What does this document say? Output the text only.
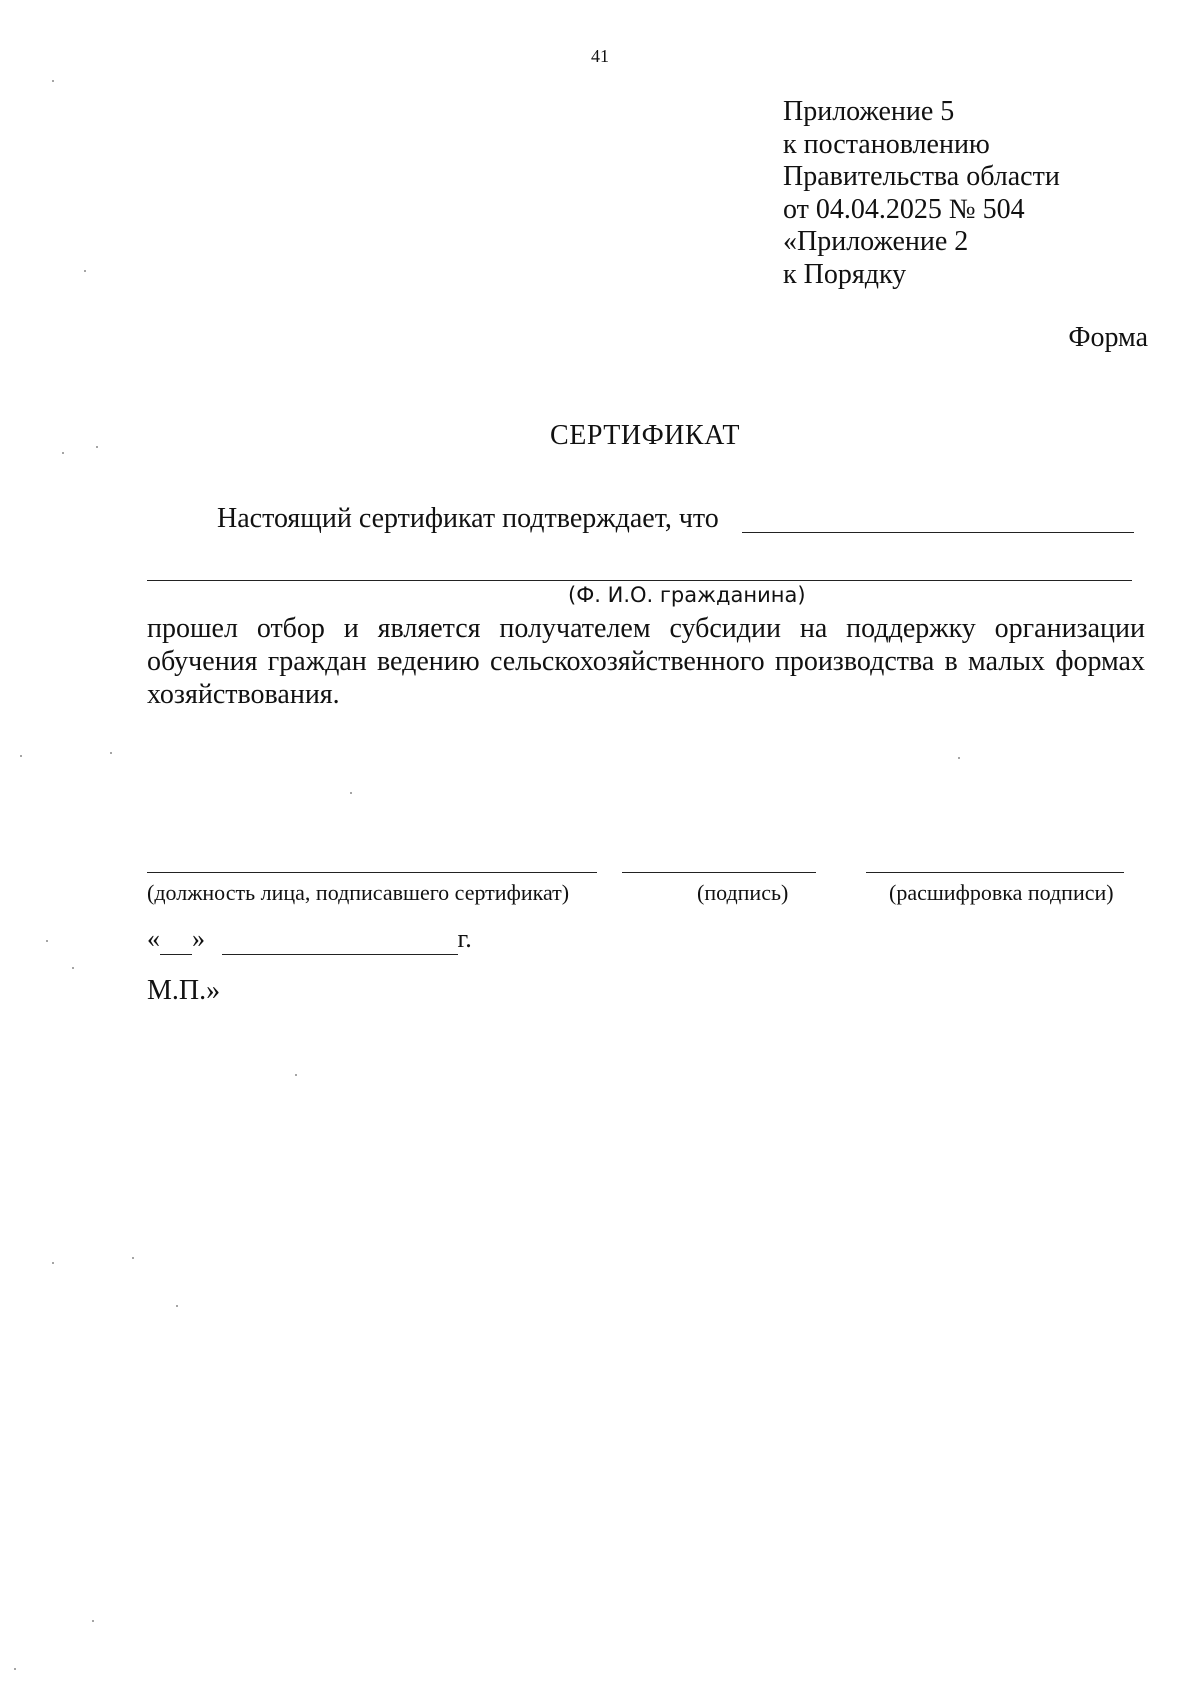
41
Приложение 5
к постановлению
Правительства области
от 04.04.2025 № 504
«Приложение 2
к Порядку
Форма
СЕРТИФИКАТ
Настоящий сертификат подтверждает, что
(Ф. И.О. гражданина)
прошел отбор и является получателем субсидии на поддержку организации обучения граждан ведению сельскохозяйственного производства в малых формах хозяйствования.
(должность лица, подписавшего сертификат)	(подпись)	(расшифровка подписи)
« »	г.
М.П.»
